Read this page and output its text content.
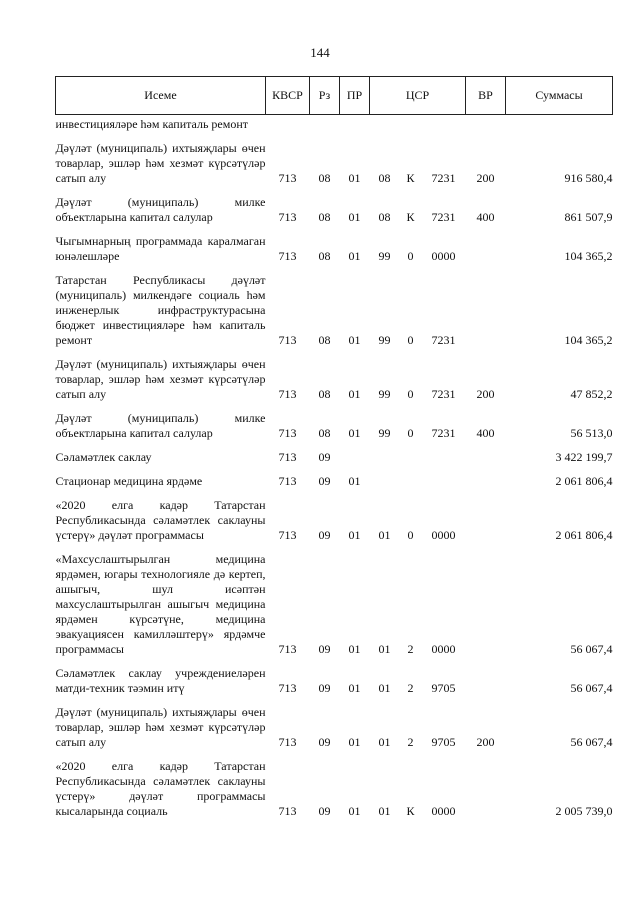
144
Исеме	КВСР	Рз	ПР	ЦСР			ВР	Суммасы
инвестицияләре һәм капиталь ремонт								
Дәүләт (муниципаль) ихтыяҗлары өчен товарлар, эшләр һәм хезмәт күрсәтүләр сатып алу	713	08	01	08	К	7231	200	916 580,4
Дәүләт (муниципаль) милке объектларына капитал салулар	713	08	01	08	К	7231	400	861 507,9
Чыгымнарның программада каралмаган юнәлешләре	713	08	01	99	0	0000		104 365,2
Татарстан Республикасы дәүләт (муниципаль) милкендәге социаль һәм инженерлык инфраструктурасына бюджет инвестицияләре һәм капиталь ремонт	713	08	01	99	0	7231		104 365,2
Дәүләт (муниципаль) ихтыяҗлары өчен товарлар, эшләр һәм хезмәт күрсәтүләр сатып алу	713	08	01	99	0	7231	200	47 852,2
Дәүләт (муниципаль) милке объектларына капитал салулар	713	08	01	99	0	7231	400	56 513,0
Сәламәтлек саклау	713	09						3 422 199,7
Стационар медицина ярдәме	713	09	01					2 061 806,4
«2020 елга кадәр Татарстан Республикасында сәламәтлек саклауны үстерү» дәүләт программасы	713	09	01	01	0	0000		2 061 806,4
«Махсуслаштырылган медицина ярдәмен, югары технологияле дә кертеп, ашыгыч, шул исәптән махсуслаштырылган ашыгыч медицина ярдәмен күрсәтүне, медицина эвакуациясен камилләштерү» ярдәмче программасы	713	09	01	01	2	0000		56 067,4
Сәламәтлек саклау учреждениеләрен матди-техник тәэмин итү	713	09	01	01	2	9705		56 067,4
Дәүләт (муниципаль) ихтыяҗлары өчен товарлар, эшләр һәм хезмәт күрсәтүләр сатып алу	713	09	01	01	2	9705	200	56 067,4
«2020 елга кадәр Татарстан Республикасында сәламәтлек саклауны үстерү» дәүләт программасы кысаларында социаль	713	09	01	01	К	0000		2 005 739,0
